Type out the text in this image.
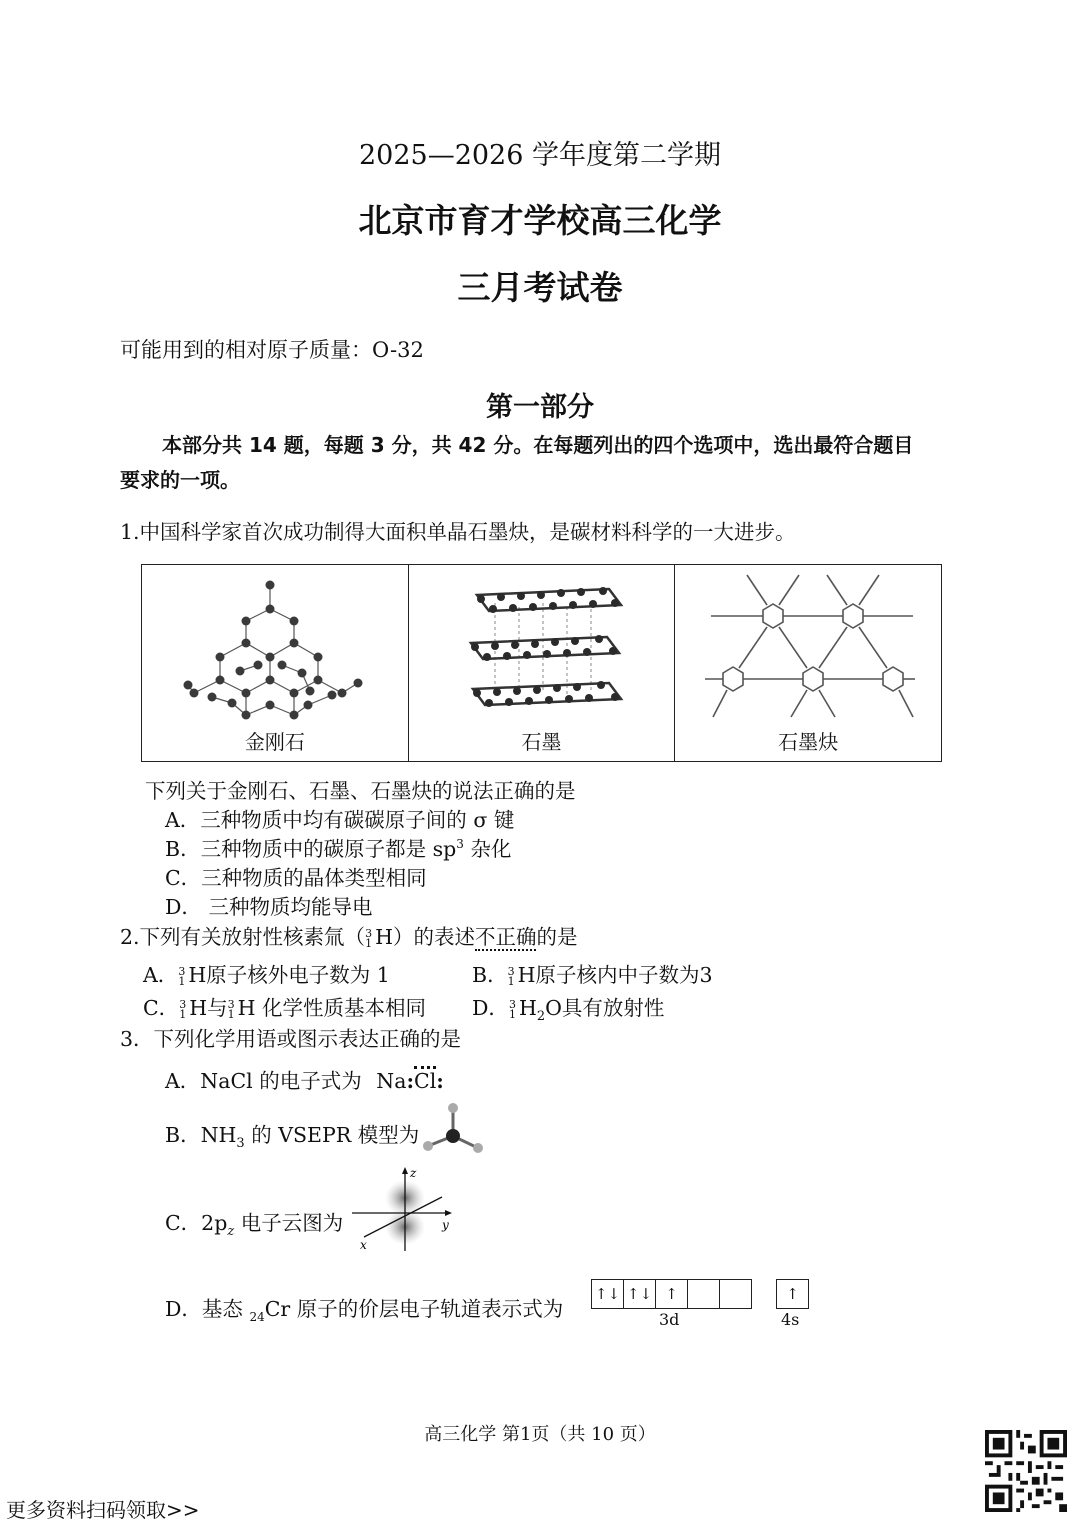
2025—2026 学年度第二学期
北京市育才学校高三化学
三月考试卷
可能用到的相对原子质量：O-32
第一部分
本部分共 14 题，每题 3 分，共 42 分。在每题列出的四个选项中，选出最符合题目
要求的一项。
1.中国科学家首次成功制得大面积单晶石墨炔，是碳材料科学的一大进步。
金刚石	石墨	石墨炔
下列关于金刚石、石墨、石墨炔的说法正确的是
A．三种物质中均有碳碳原子间的 σ 键
B．三种物质中的碳原子都是 $sp^3$ 杂化
C．三种物质的晶体类型相同
D． 三种物质均能导电
2.下列有关放射性核素氚（ 3
1 H）的表述不正确的是
A． 3
1 H原子核外电子数为 1	B． 3
1 H原子核内中子数为3
C． 3
1 H与 3
1 H 化学性质基本相同 D． 3
1 $H_2O$具有放射性
3．下列化学用语或图示表达正确的是
A．NaCl 的电子式为 Na:Cl:
B．$NH_3$ 的 VSEPR 模型为
C．$2p_z$ 电子云图为
z
y
x
D．基态 $_{24}$Cr 原子的价层电子轨道表示式为
↑↓ ↑↓ ↑
3d
↑
4s
高三化学 第1页（共 10 页）
更多资料扫码领取>>
